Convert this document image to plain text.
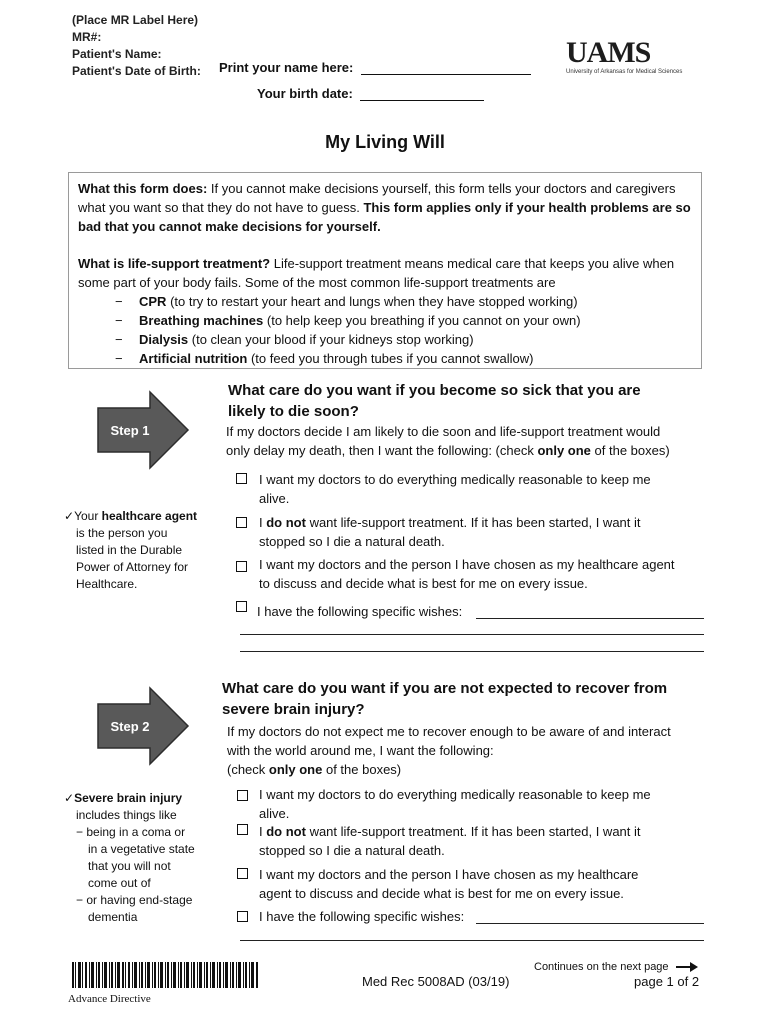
(Place MR Label Here)
MR#:
Patient's Name:
Patient's Date of Birth: Print your name here:
Your birth date:
UAMS
University of Arkansas for Medical Sciences
My Living Will

What this form does: If you cannot make decisions yourself, this form tells your doctors and caregivers what you want so that they do not have to guess. This form applies only if your health problems are so bad that you cannot make decisions for yourself.

What is life-support treatment? Life-support treatment means medical care that keeps you alive when some part of your body fails. Some of the most common life-support treatments are

− CPR (to try to restart your heart and lungs when they have stopped working)
− Breathing machines (to help keep you breathing if you cannot on your own)
− Dialysis (to clean your blood if your kidneys stop working)
− Artificial nutrition (to feed you through tubes if you cannot swallow)
Step 1
What care do you want if you become so sick that you are
likely to die soon?
If my doctors decide I am likely to die soon and life-support treatment would
only delay my death, then I want the following: (check only one of the boxes)
I want my doctors to do everything medically reasonable to keep me
alive.
I do not want life-support treatment. If it has been started, I want it
stopped so I die a natural death.
I want my doctors and the person I have chosen as my healthcare agent
to discuss and decide what is best for me on every issue.
I have the following specific wishes:
✓Your healthcare agent
is the person you
listed in the Durable
Power of Attorney for
Healthcare.
Step 2
What care do you want if you are not expected to recover from
severe brain injury?
If my doctors do not expect me to recover enough to be aware of and interact
with the world around me, I want the following:
(check only one of the boxes)
I want my doctors to do everything medically reasonable to keep me
alive.
I do not want life-support treatment. If it has been started, I want it
stopped so I die a natural death.
I want my doctors and the person I have chosen as my healthcare
agent to discuss and decide what is best for me on every issue.
I have the following specific wishes:
✓Severe brain injury
includes things like
− being in a coma or
in a vegetative state
that you will not
come out of
− or having end-stage
dementia
Advance Directive
Med Rec 5008AD (03/19)
Continues on the next page
page 1 of 2
